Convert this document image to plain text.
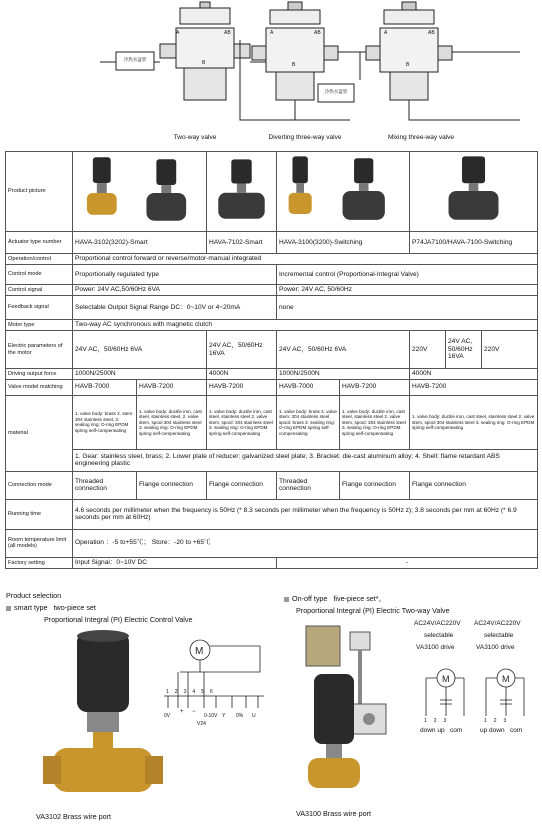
A
B
AB	A
B
AB	A
B
AB
冷热水盘管
冷热水盘管
Two-way valve	Diverting three-way valve	Mixing three-way valve
Product picture				
Actuator type number	HAVA-3102(3202)-Smart		HAVA-7102-Smart	HAVA-3100(3200)-Switching		P74JA7100/HAVA-7100-Switching		
Operation/control	Proportional control forward or reverse/motor-manual integrated							
Control mode	Proportionally regulated type			Incremental control (Proportional-Integral Valve)				
Control signal	Power: 24V AC,50/60Hz 6VA			Power: 24V AC, 50/60Hz				
Feedback signal	Selectable Output Signal Range DC：0~10V or 4~20mA			none				
Motor type	Two-way AC synchronous with magnetic clutch							
Electric parameters of the motor	24V AC，50/60Hz 6VA		24V AC，50/60Hz 16VA	24V AC，50/60Hz 6VA		220V	24V AC, 50/60Hz 16VA	220V
Driving output force	1000N/2500N		4000N	1000N/2500N		4000N		
Valve model matching	HAVB-7000	HAVB-7200	HAVB-7200	HAVB-7000	HAVB-7200	HAVB-7200		
material	1. valve body: brass 2. stem: 304 stainless steel, 3. sealing ring: O-ring EPDM spring self-compensating	1. valve body: ductile iron, cast steel, stainless steel, 2. valve stem, spool 304 stainless steel 3. sealing ring: O-ring EPDM spring self-compensating	1. valve body: ductile iron, cast steel, stainless steel 2. valve stem, spool: 304 stainless steel 3. sealing ring: O-ring EPDM spring self-compensating	1. valve body: brass 2. valve stem: 304 stainless steel spool: brass 3. sealing ring: O-ring EPDM spring self-compensating	1. valve body: ductile iron, cast steel, stainless steel 2. valve stem, spool: 304 stainless steel 3. sealing ring: O-ring EPDM spring self-compensating	1. valve body: ductile iron, cast steel, stainless steel 2. valve stem, spool 304 stainless steel 3. sealing ring: O-ring EPDM spring self-compensating		
	1. Gear: stainless steel, brass; 2. Lower plate of reducer: galvanized steel plate; 3. Bracket: die-cast aluminum alloy; 4. Shell: flame retardant ABS engineering plastic							
Connection mode	Threaded connection	Flange connection	Flange connection	Threaded connection	Flange connection	Flange connection		
Running time	4.6 seconds per millimeter when the frequency is 50Hz (* 8.3 seconds per millimeter when the frequency is 50Hz z); 3.8 seconds per mm at 60Hz (* 6.9 seconds per mm at 60Hz)							
Room temperature limit (all models)	Operation ：-5 to+55℃； Store：-20 to +65℃							
Factory setting	Input Signal：0~10V DC			-				
Product selection
smart type two-piece set
Proportional Integral (PI) Electric Control Valve
VA3102 Brass wire port
M
123456
0V
+ −
0-10V Y 0% U
V24
On-off type five-piece set*。
Proportional Integral (PI) Electric Two-way Valve
VA3100 Brass wire port
AC24V/AC220V
selectable
VA3100 drive
AC24V/AC220V
selectable
VA3100 drive
M	M
1     2     3	1     2     3
down up   com	up down   com
